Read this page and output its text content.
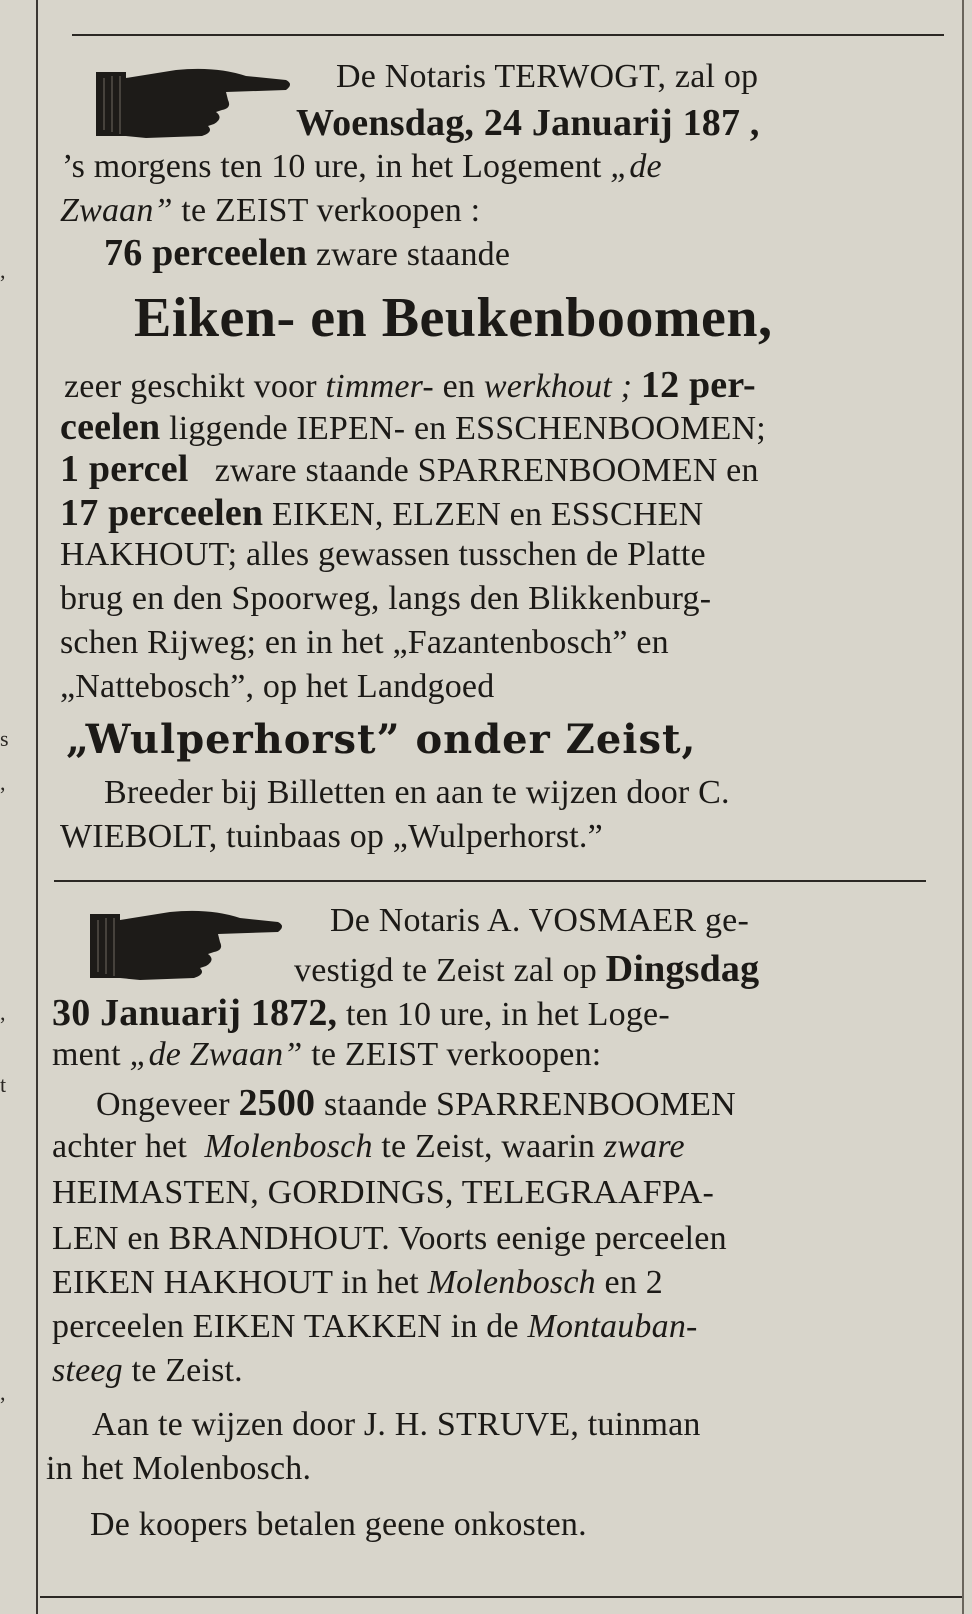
,
,
s
,
,
t
De Notaris TERWOGT, zal op
Woensdag, 24 Januarij 187 ,
’s morgens ten 10 ure, in het Logement „de
Zwaan” te ZEIST verkoopen :
76 perceelen zware staande
Eiken- en Beukenboomen,
zeer geschikt voor timmer- en werkhout ; 12 per-
ceelen liggende IEPEN- en ESSCHENBOOMEN;
1 percel zware staande SPARRENBOOMEN en
17 perceelen EIKEN, ELZEN en ESSCHEN
HAKHOUT; alles gewassen tusschen de Platte
brug en den Spoorweg, langs den Blikkenburg-
schen Rijweg; en in het „Fazantenbosch” en
„Nattebosch”, op het Landgoed
„Wulperhorst” onder Zeist,
Breeder bij Billetten en aan te wijzen door C.
WIEBOLT, tuinbaas op „Wulperhorst.”
De Notaris A. VOSMAER ge-
vestigd te Zeist zal op Dingsdag
30 Januarij 1872, ten 10 ure, in het Loge-
ment „de Zwaan” te ZEIST verkoopen:
Ongeveer 2500 staande SPARRENBOOMEN
achter het Molenbosch te Zeist, waarin zware
HEIMASTEN, GORDINGS, TELEGRAAFPA-
LEN en BRANDHOUT. Voorts eenige perceelen
EIKEN HAKHOUT in het Molenbosch en 2
perceelen EIKEN TAKKEN in de Montauban-
steeg te Zeist.
Aan te wijzen door J. H. STRUVE, tuinman
in het Molenbosch.
De koopers betalen geene onkosten.
